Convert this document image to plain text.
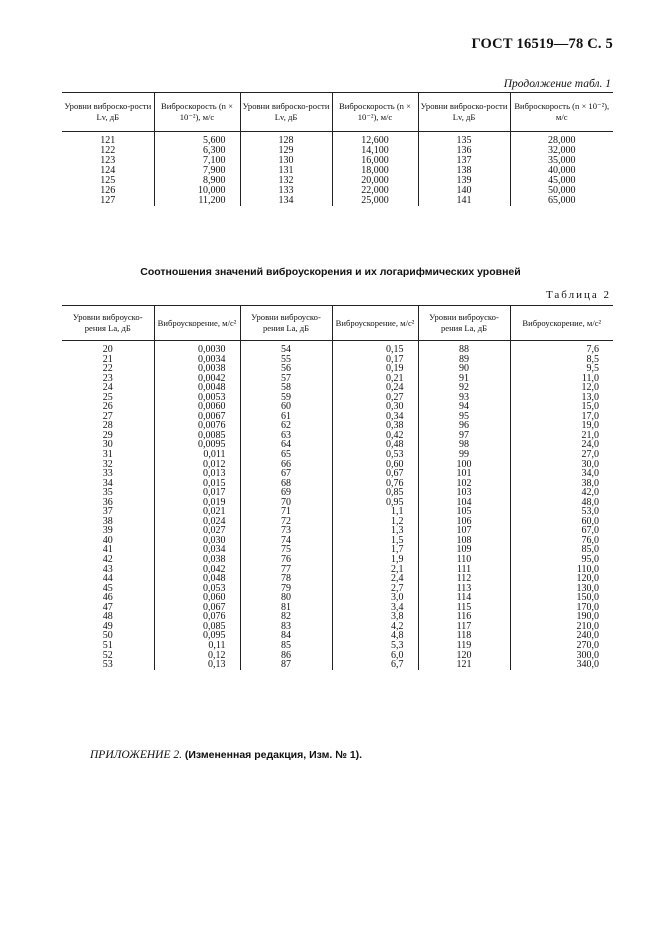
ГОСТ 16519—78 С. 5
Продолжение табл. 1
Уровни виброско-рости Lv, дБ	Виброскорость (n × 10⁻²), м/с	Уровни виброско-рости Lv, дБ	Виброскорость (n × 10⁻²), м/с	Уровни виброско-рости Lv, дБ	Виброскорость (n × 10⁻²), м/с
121	5,600	128	12,600	135	28,000
122	6,300	129	14,100	136	32,000
123	7,100	130	16,000	137	35,000
124	7,900	131	18,000	138	40,000
125	8,900	132	20,000	139	45,000
126	10,000	133	22,000	140	50,000
127	11,200	134	25,000	141	65,000
Соотношения значений виброускорения и их логарифмических уровней
Таблица 2
Уровни виброуско-рения La, дБ	Виброускорение, м/с²	Уровни виброуско-рения La, дБ	Виброускорение, м/с²	Уровни виброуско-рения La, дБ	Виброускорение, м/с²
20	0,0030	54	0,15	88	7,6
21	0,0034	55	0,17	89	8,5
22	0,0038	56	0,19	90	9,5
23	0,0042	57	0,21	91	11,0
24	0,0048	58	0,24	92	12,0
25	0,0053	59	0,27	93	13,0
26	0,0060	60	0,30	94	15,0
27	0,0067	61	0,34	95	17,0
28	0,0076	62	0,38	96	19,0
29	0,0085	63	0,42	97	21,0
30	0,0095	64	0,48	98	24,0
31	0,011	65	0,53	99	27,0
32	0,012	66	0,60	100	30,0
33	0,013	67	0,67	101	34,0
34	0,015	68	0,76	102	38,0
35	0,017	69	0,85	103	42,0
36	0,019	70	0,95	104	48,0
37	0,021	71	1,1	105	53,0
38	0,024	72	1,2	106	60,0
39	0,027	73	1,3	107	67,0
40	0,030	74	1,5	108	76,0
41	0,034	75	1,7	109	85,0
42	0,038	76	1,9	110	95,0
43	0,042	77	2,1	111	110,0
44	0,048	78	2,4	112	120,0
45	0,053	79	2,7	113	130,0
46	0,060	80	3,0	114	150,0
47	0,067	81	3,4	115	170,0
48	0,076	82	3,8	116	190,0
49	0,085	83	4,2	117	210,0
50	0,095	84	4,8	118	240,0
51	0,11	85	5,3	119	270,0
52	0,12	86	6,0	120	300,0
53	0,13	87	6,7	121	340,0
ПРИЛОЖЕНИЕ 2. (Измененная редакция, Изм. № 1).
